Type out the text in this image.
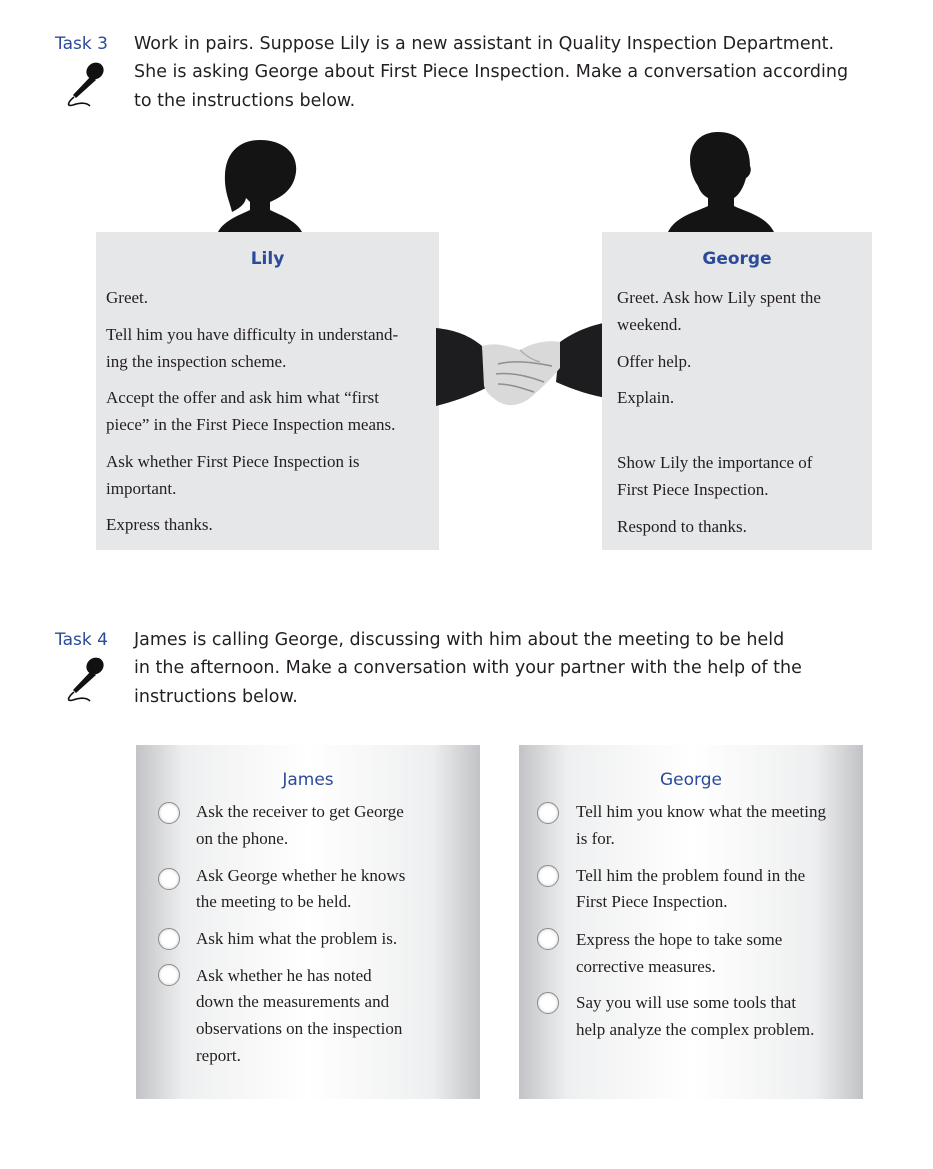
Task 3 Work in pairs. Suppose Lily is a new assistant in Quality Inspection Department.
She is asking George about First Piece Inspection. Make a conversation according
to the instructions below.
Lily
Greet.
Tell him you have difficulty in understand-
ing the inspection scheme.
Accept the offer and ask him what “first
piece” in the First Piece Inspection means.
Ask whether First Piece Inspection is
important.
Express thanks.
George
Greet. Ask how Lily spent the
weekend.
Offer help.
Explain.
Show Lily the importance of
First Piece Inspection.
Respond to thanks.
Task 4 James is calling George, discussing with him about the meeting to be held
in the afternoon. Make a conversation with your partner with the help of the
instructions below.
James
Ask the receiver to get George
on the phone.
Ask George whether he knows
the meeting to be held.
Ask him what the problem is.
Ask whether he has noted
down the measurements and
observations on the inspection
report.
George
Tell him you know what the meeting
is for.
Tell him the problem found in the
First Piece Inspection.
Express the hope to take some
corrective measures.
Say you will use some tools that
help analyze the complex problem.
